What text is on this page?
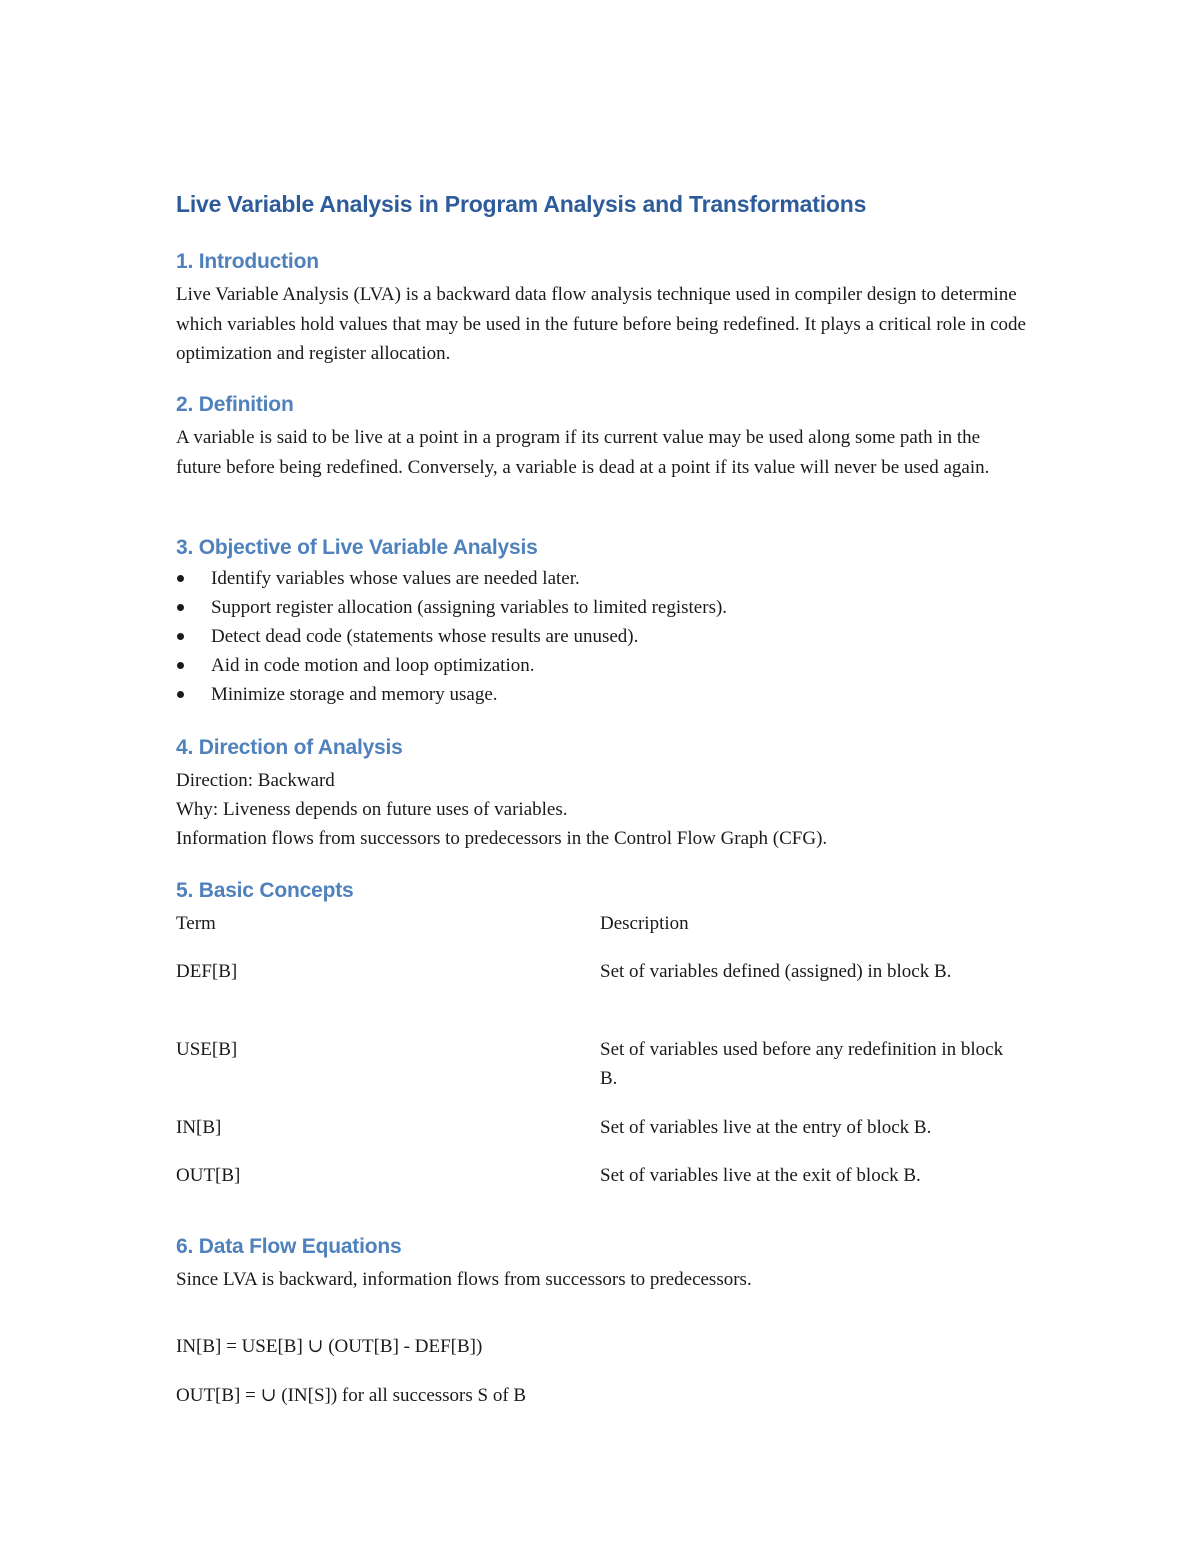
Live Variable Analysis in Program Analysis and Transformations
1. Introduction

Live Variable Analysis (LVA) is a backward data flow analysis technique used in compiler design to determine which variables hold values that may be used in the future before being redefined. It plays a critical role in code optimization and register allocation.

2. Definition

A variable is said to be live at a point in a program if its current value may be used along some path in the future before being redefined. Conversely, a variable is dead at a point if its value will never be used again.

3. Objective of Live Variable Analysis
Identify variables whose values are needed later.
Support register allocation (assigning variables to limited registers).
Detect dead code (statements whose results are unused).
Aid in code motion and loop optimization.
Minimize storage and memory usage.
4. Direction of Analysis

Direction: Backward

Why: Liveness depends on future uses of variables.

Information flows from successors to predecessors in the Control Flow Graph (CFG).

5. Basic Concepts
Term	Description
DEF[B]	Set of variables defined (assigned) in block B.
USE[B]	Set of variables used before any redefinition in block B.
IN[B]	Set of variables live at the entry of block B.
OUT[B]	Set of variables live at the exit of block B.
6. Data Flow Equations

Since LVA is backward, information flows from successors to predecessors.

IN[B] = USE[B] ∪ (OUT[B] - DEF[B])

OUT[B] = ∪ (IN[S]) for all successors S of B
